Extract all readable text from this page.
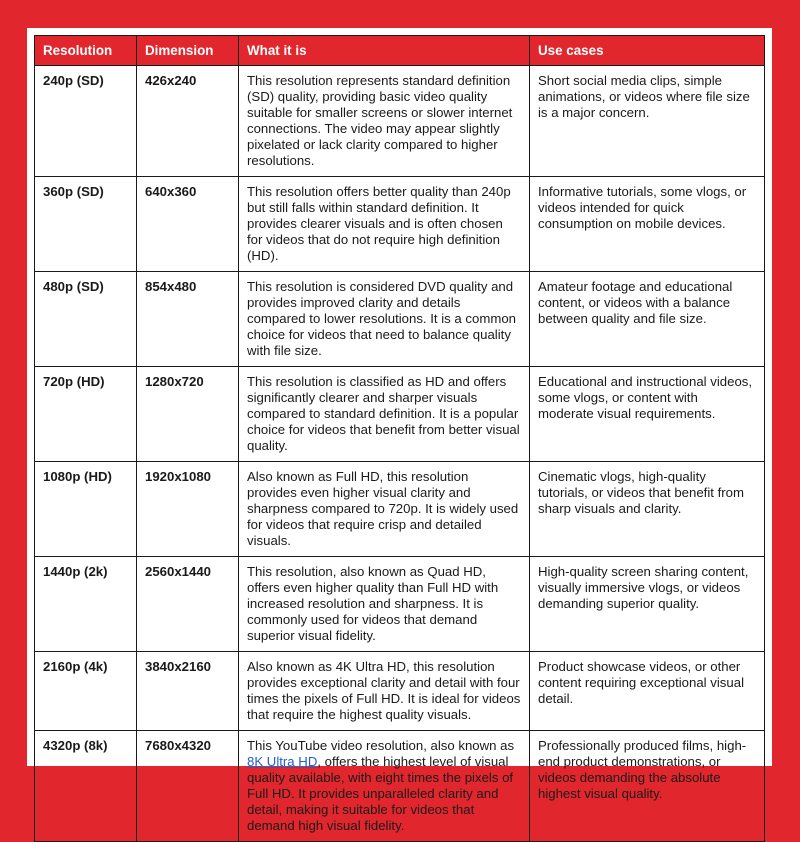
Resolution	Dimension	What it is	Use cases
240p (SD)	426x240	This resolution represents standard definition (SD) quality, providing basic video quality suitable for smaller screens or slower internet connections. The video may appear slightly pixelated or lack clarity compared to higher resolutions.	Short social media clips, simple animations, or videos where file size is a major concern.
360p (SD)	640x360	This resolution offers better quality than 240p but still falls within standard definition. It provides clearer visuals and is often chosen for videos that do not require high definition (HD).	Informative tutorials, some vlogs, or videos intended for quick consumption on mobile devices.
480p (SD)	854x480	This resolution is considered DVD quality and provides improved clarity and details compared to lower resolutions. It is a common choice for videos that need to balance quality with file size.	Amateur footage and educational content, or videos with a balance between quality and file size.
720p (HD)	1280x720	This resolution is classified as HD and offers significantly clearer and sharper visuals compared to standard definition. It is a popular choice for videos that benefit from better visual quality.	Educational and instructional videos, some vlogs, or content with moderate visual requirements.
1080p (HD)	1920x1080	Also known as Full HD, this resolution provides even higher visual clarity and sharpness compared to 720p. It is widely used for videos that require crisp and detailed visuals.	Cinematic vlogs, high-quality tutorials, or videos that benefit from sharp visuals and clarity.
1440p (2k)	2560x1440	This resolution, also known as Quad HD, offers even higher quality than Full HD with increased resolution and sharpness. It is commonly used for videos that demand superior visual fidelity.	High-quality screen sharing content, visually immersive vlogs, or videos demanding superior quality.
2160p (4k)	3840x2160	Also known as 4K Ultra HD, this resolution provides exceptional clarity and detail with four times the pixels of Full HD. It is ideal for videos that require the highest quality visuals.	Product showcase videos, or other content requiring exceptional visual detail.
4320p (8k)	7680x4320	This YouTube video resolution, also known as 8K Ultra HD, offers the highest level of visual quality available, with eight times the pixels of Full HD. It provides unparalleled clarity and detail, making it suitable for videos that demand high visual fidelity.	Professionally produced films, high-end product demonstrations, or videos demanding the absolute highest visual quality.
